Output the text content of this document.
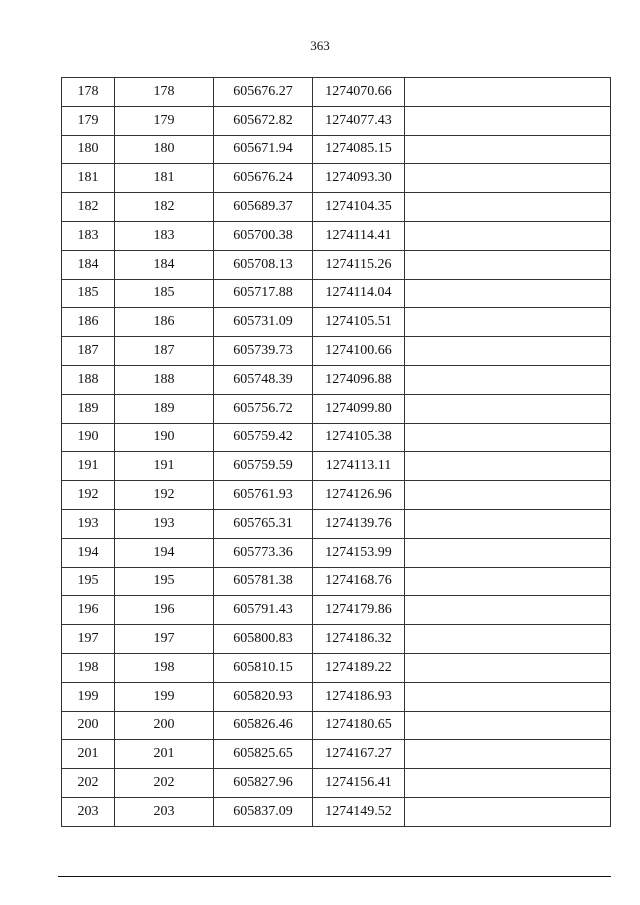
363
178	178	605676.27	1274070.66	
179	179	605672.82	1274077.43	
180	180	605671.94	1274085.15	
181	181	605676.24	1274093.30	
182	182	605689.37	1274104.35	
183	183	605700.38	1274114.41	
184	184	605708.13	1274115.26	
185	185	605717.88	1274114.04	
186	186	605731.09	1274105.51	
187	187	605739.73	1274100.66	
188	188	605748.39	1274096.88	
189	189	605756.72	1274099.80	
190	190	605759.42	1274105.38	
191	191	605759.59	1274113.11	
192	192	605761.93	1274126.96	
193	193	605765.31	1274139.76	
194	194	605773.36	1274153.99	
195	195	605781.38	1274168.76	
196	196	605791.43	1274179.86	
197	197	605800.83	1274186.32	
198	198	605810.15	1274189.22	
199	199	605820.93	1274186.93	
200	200	605826.46	1274180.65	
201	201	605825.65	1274167.27	
202	202	605827.96	1274156.41	
203	203	605837.09	1274149.52	
